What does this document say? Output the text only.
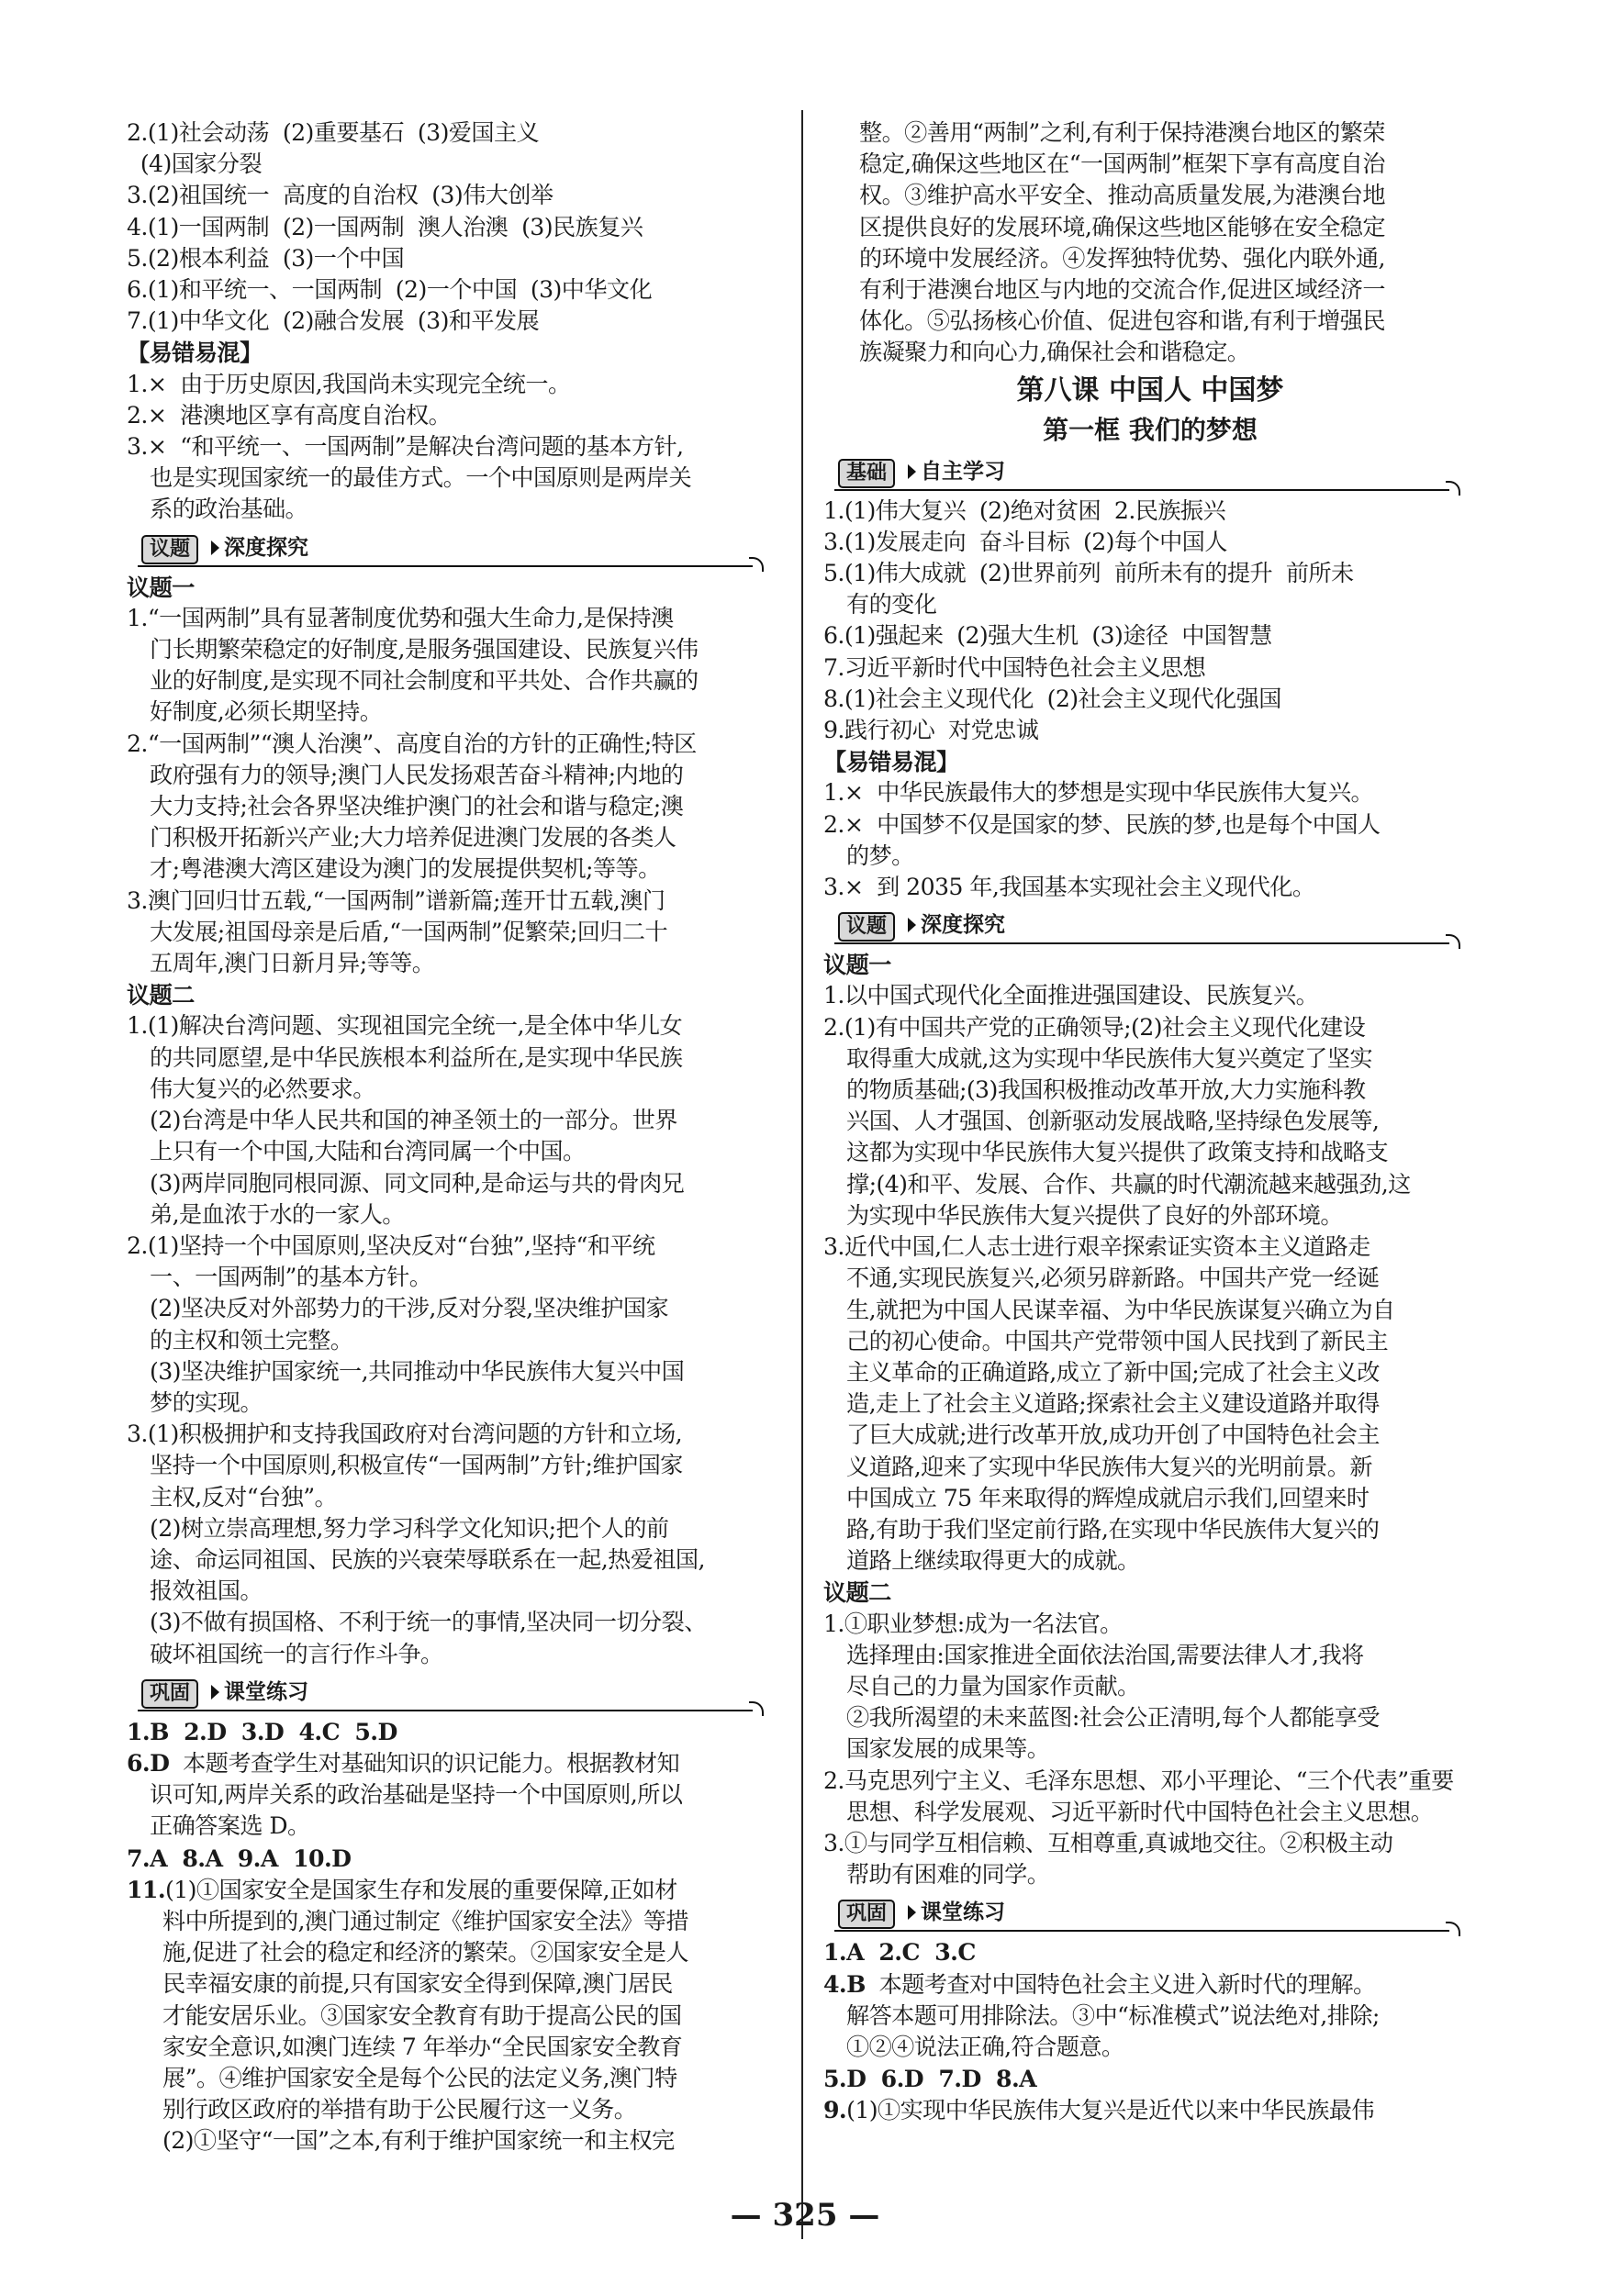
2.(1)社会动荡  (2)重要基石  (3)爱国主义
(4)国家分裂
3.(2)祖国统一  高度的自治权  (3)伟大创举
4.(1)一国两制  (2)一国两制  澳人治澳  (3)民族复兴
5.(2)根本利益  (3)一个中国
6.(1)和平统一、一国两制  (2)一个中国  (3)中华文化
7.(1)中华文化  (2)融合发展  (3)和平发展
【易错易混】
1.×  由于历史原因,我国尚未实现完全统一。
2.×  港澳地区享有高度自治权。
3.×  “和平统一、一国两制”是解决台湾问题的基本方针,
也是实现国家统一的最佳方式。一个中国原则是两岸关
系的政治基础。
议题	深度探究
议题一
1.“一国两制”具有显著制度优势和强大生命力,是保持澳
门长期繁荣稳定的好制度,是服务强国建设、民族复兴伟
业的好制度,是实现不同社会制度和平共处、合作共赢的
好制度,必须长期坚持。
2.“一国两制”“澳人治澳”、高度自治的方针的正确性;特区
政府强有力的领导;澳门人民发扬艰苦奋斗精神;内地的
大力支持;社会各界坚决维护澳门的社会和谐与稳定;澳
门积极开拓新兴产业;大力培养促进澳门发展的各类人
才;粤港澳大湾区建设为澳门的发展提供契机;等等。
3.澳门回归廿五载,“一国两制”谱新篇;莲开廿五载,澳门
大发展;祖国母亲是后盾,“一国两制”促繁荣;回归二十
五周年,澳门日新月异;等等。
议题二
1.(1)解决台湾问题、实现祖国完全统一,是全体中华儿女
的共同愿望,是中华民族根本利益所在,是实现中华民族
伟大复兴的必然要求。
(2)台湾是中华人民共和国的神圣领土的一部分。世界
上只有一个中国,大陆和台湾同属一个中国。
(3)两岸同胞同根同源、同文同种,是命运与共的骨肉兄
弟,是血浓于水的一家人。
2.(1)坚持一个中国原则,坚决反对“台独”,坚持“和平统
一、一国两制”的基本方针。
(2)坚决反对外部势力的干涉,反对分裂,坚决维护国家
的主权和领土完整。
(3)坚决维护国家统一,共同推动中华民族伟大复兴中国
梦的实现。
3.(1)积极拥护和支持我国政府对台湾问题的方针和立场,
坚持一个中国原则,积极宣传“一国两制”方针;维护国家
主权,反对“台独”。
(2)树立崇高理想,努力学习科学文化知识;把个人的前
途、命运同祖国、民族的兴衰荣辱联系在一起,热爱祖国,
报效祖国。
(3)不做有损国格、不利于统一的事情,坚决同一切分裂、
破坏祖国统一的言行作斗争。
巩固	课堂练习
1.B  2.D  3.D  4.C  5.D
6.D  本题考查学生对基础知识的识记能力。根据教材知
识可知,两岸关系的政治基础是坚持一个中国原则,所以
正确答案选 D。
7.A  8.A  9.A  10.D
11.(1)①国家安全是国家生存和发展的重要保障,正如材
料中所提到的,澳门通过制定《维护国家安全法》等措
施,促进了社会的稳定和经济的繁荣。②国家安全是人
民幸福安康的前提,只有国家安全得到保障,澳门居民
才能安居乐业。③国家安全教育有助于提高公民的国
家安全意识,如澳门连续 7 年举办“全民国家安全教育
展”。④维护国家安全是每个公民的法定义务,澳门特
别行政区政府的举措有助于公民履行这一义务。
(2)①坚守“一国”之本,有利于维护国家统一和主权完
整。②善用“两制”之利,有利于保持港澳台地区的繁荣
稳定,确保这些地区在“一国两制”框架下享有高度自治
权。③维护高水平安全、推动高质量发展,为港澳台地
区提供良好的发展环境,确保这些地区能够在安全稳定
的环境中发展经济。④发挥独特优势、强化内联外通,
有利于港澳台地区与内地的交流合作,促进区域经济一
体化。⑤弘扬核心价值、促进包容和谐,有利于增强民
族凝聚力和向心力,确保社会和谐稳定。
第八课 中国人 中国梦
第一框 我们的梦想
基础	自主学习
1.(1)伟大复兴  (2)绝对贫困  2.民族振兴
3.(1)发展走向  奋斗目标  (2)每个中国人
5.(1)伟大成就  (2)世界前列  前所未有的提升  前所未
有的变化
6.(1)强起来  (2)强大生机  (3)途径  中国智慧
7.习近平新时代中国特色社会主义思想
8.(1)社会主义现代化  (2)社会主义现代化强国
9.践行初心  对党忠诚
【易错易混】
1.×  中华民族最伟大的梦想是实现中华民族伟大复兴。
2.×  中国梦不仅是国家的梦、民族的梦,也是每个中国人
的梦。
3.×  到 2035 年,我国基本实现社会主义现代化。
议题	深度探究
议题一
1.以中国式现代化全面推进强国建设、民族复兴。
2.(1)有中国共产党的正确领导;(2)社会主义现代化建设
取得重大成就,这为实现中华民族伟大复兴奠定了坚实
的物质基础;(3)我国积极推动改革开放,大力实施科教
兴国、人才强国、创新驱动发展战略,坚持绿色发展等,
这都为实现中华民族伟大复兴提供了政策支持和战略支
撑;(4)和平、发展、合作、共赢的时代潮流越来越强劲,这
为实现中华民族伟大复兴提供了良好的外部环境。
3.近代中国,仁人志士进行艰辛探索证实资本主义道路走
不通,实现民族复兴,必须另辟新路。中国共产党一经诞
生,就把为中国人民谋幸福、为中华民族谋复兴确立为自
己的初心使命。中国共产党带领中国人民找到了新民主
主义革命的正确道路,成立了新中国;完成了社会主义改
造,走上了社会主义道路;探索社会主义建设道路并取得
了巨大成就;进行改革开放,成功开创了中国特色社会主
义道路,迎来了实现中华民族伟大复兴的光明前景。新
中国成立 75 年来取得的辉煌成就启示我们,回望来时
路,有助于我们坚定前行路,在实现中华民族伟大复兴的
道路上继续取得更大的成就。
议题二
1.①职业梦想:成为一名法官。
选择理由:国家推进全面依法治国,需要法律人才,我将
尽自己的力量为国家作贡献。
②我所渴望的未来蓝图:社会公正清明,每个人都能享受
国家发展的成果等。
2.马克思列宁主义、毛泽东思想、邓小平理论、“三个代表”重要
思想、科学发展观、习近平新时代中国特色社会主义思想。
3.①与同学互相信赖、互相尊重,真诚地交往。②积极主动
帮助有困难的同学。
巩固	课堂练习
1.A  2.C  3.C
4.B  本题考查对中国特色社会主义进入新时代的理解。
解答本题可用排除法。③中“标准模式”说法绝对,排除;
①②④说法正确,符合题意。
5.D  6.D  7.D  8.A
9.(1)①实现中华民族伟大复兴是近代以来中华民族最伟
— 325 —
